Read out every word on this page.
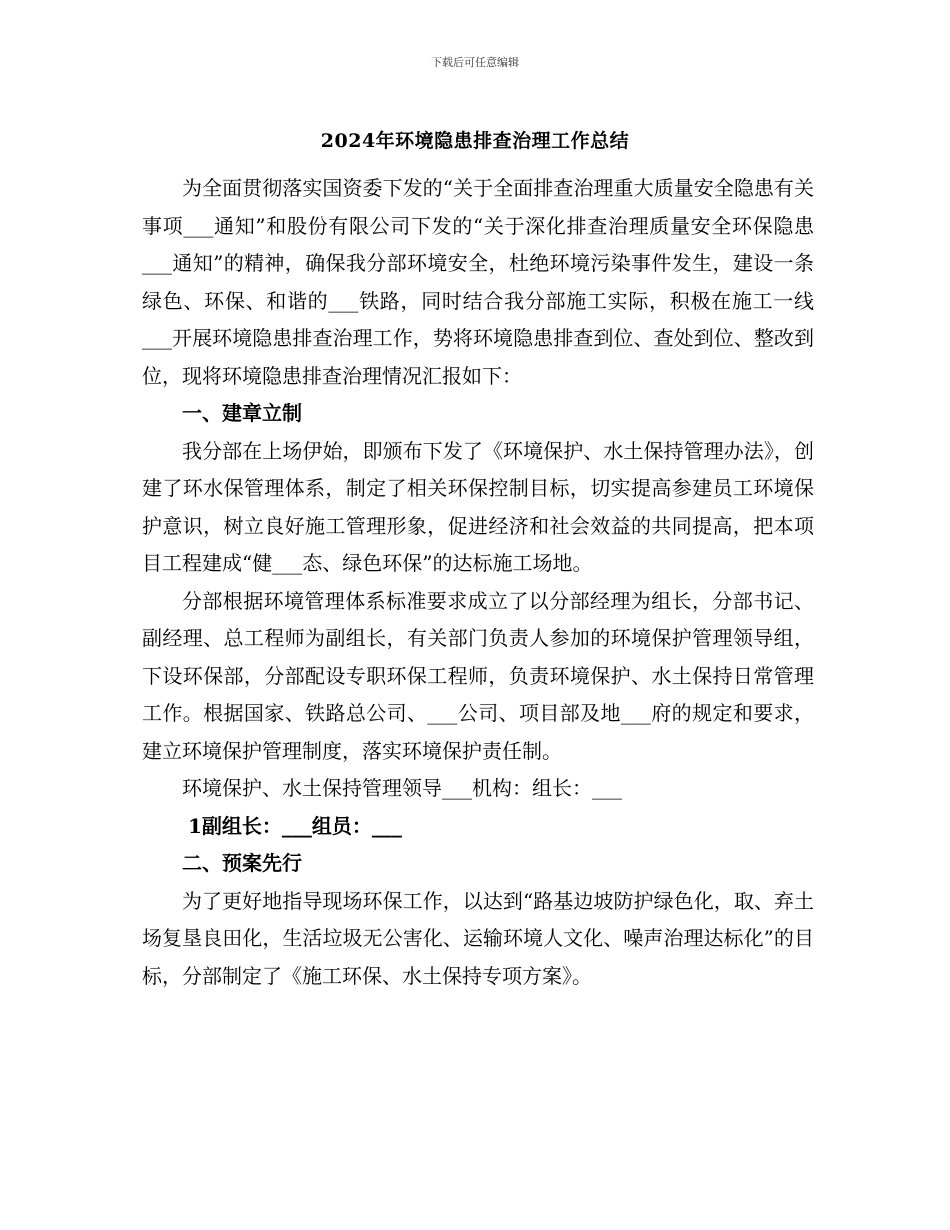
下载后可任意编辑
2024年环境隐患排查治理工作总结

为全面贯彻落实国资委下发的“关于全面排查治理重大质量安全隐患有关事项___通知”和股份有限公司下发的“关于深化排查治理质量安全环保隐患___通知”的精神，确保我分部环境安全，杜绝环境污染事件发生，建设一条绿色、环保、和谐的___铁路，同时结合我分部施工实际，积极在施工一线___开展环境隐患排查治理工作，势将环境隐患排查到位、查处到位、整改到位，现将环境隐患排查治理情况汇报如下：

一、建章立制

我分部在上场伊始，即颁布下发了《环境保护、水土保持管理办法》，创建了环水保管理体系，制定了相关环保控制目标，切实提高参建员工环境保护意识，树立良好施工管理形象，促进经济和社会效益的共同提高，把本项目工程建成“健___态、绿色环保”的达标施工场地。

分部根据环境管理体系标准要求成立了以分部经理为组长，分部书记、副经理、总工程师为副组长，有关部门负责人参加的环境保护管理领导组，下设环保部，分部配设专职环保工程师，负责环境保护、水土保持日常管理工作。根据国家、铁路总公司、___公司、项目部及地___府的规定和要求，建立环境保护管理制度，落实环境保护责任制。

环境保护、水土保持管理领导___机构：组长：___

1副组长：___组员：___

二、预案先行

为了更好地指导现场环保工作，以达到“路基边坡防护绿色化，取、弃土场复垦良田化，生活垃圾无公害化、运输环境人文化、噪声治理达标化”的目标，分部制定了《施工环保、水土保持专项方案》。
